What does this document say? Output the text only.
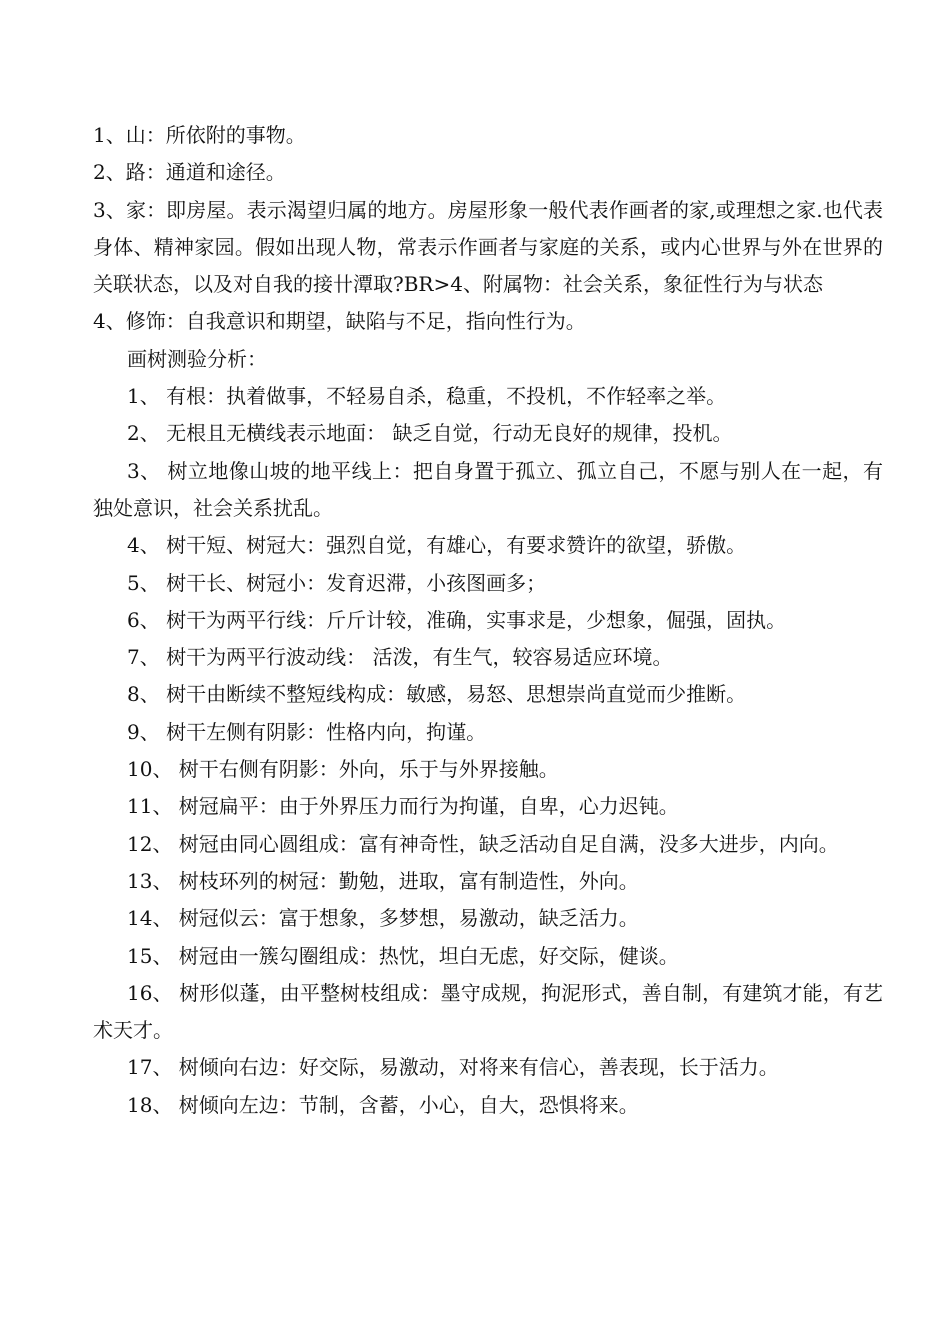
1、山：所依附的事物。

2、路：通道和途径。

3、家：即房屋。表示渴望归属的地方。房屋形象一般代表作画者的家,或理想之家.也代表身体、精神家园。假如出现人物，常表示作画者与家庭的关系，或内心世界与外在世界的关联状态，以及对自我的接卄潭取?BR>4、附属物：社会关系，象征性行为与状态

4、修饰：自我意识和期望，缺陷与不足，指向性行为。

画树测验分析：

1、 有根：执着做事，不轻易自杀，稳重，不投机，不作轻率之举。

2、 无根且无横线表示地面： 缺乏自觉，行动无良好的规律，投机。

3、 树立地像山坡的地平线上：把自身置于孤立、孤立自己，不愿与别人在一起，有独处意识，社会关系扰乱。

4、 树干短、树冠大：强烈自觉，有雄心，有要求赞许的欲望，骄傲。

5、 树干长、树冠小：发育迟滞，小孩图画多；

6、 树干为两平行线：斤斤计较，准确，实事求是，少想象，倔强，固执。

7、 树干为两平行波动线： 活泼，有生气，较容易适应环境。

8、 树干由断续不整短线构成：敏感，易怒、思想崇尚直觉而少推断。

9、 树干左侧有阴影：性格内向，拘谨。

10、 树干右侧有阴影：外向，乐于与外界接触。

11、 树冠扁平：由于外界压力而行为拘谨，自卑，心力迟钝。

12、 树冠由同心圆组成：富有神奇性，缺乏活动自足自满，没多大进步，内向。

13、 树枝环列的树冠：勤勉，进取，富有制造性，外向。

14、 树冠似云：富于想象，多梦想，易激动，缺乏活力。

15、 树冠由一簇勾圈组成：热忱，坦白无虑，好交际，健谈。

16、 树形似蓬，由平整树枝组成：墨守成规，拘泥形式，善自制，有建筑才能，有艺术天才。

17、 树倾向右边：好交际，易激动，对将来有信心，善表现，长于活力。

18、 树倾向左边：节制，含蓄，小心，自大，恐惧将来。
